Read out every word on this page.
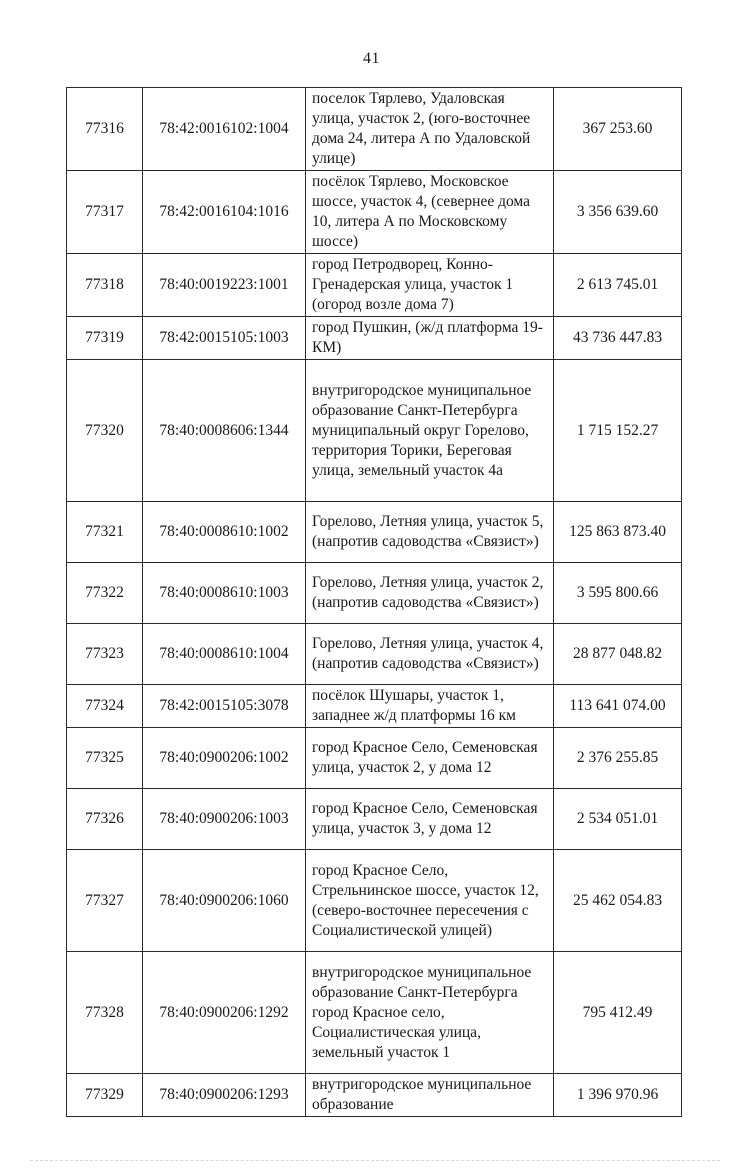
41
77316	78:42:0016102:1004	поселок Тярлево, Удаловская улица, участок 2, (юго-восточнее дома 24, литера А по Удаловской улице)	367 253.60
77317	78:42:0016104:1016	посёлок Тярлево, Московское шоссе, участок 4, (севернее дома 10, литера А по Московскому шоссе)	3 356 639.60
77318	78:40:0019223:1001	город Петродворец, Конно-Гренадерская улица, участок 1 (огород возле дома 7)	2 613 745.01
77319	78:42:0015105:1003	город Пушкин, (ж/д платформа 19-КМ)	43 736 447.83
77320	78:40:0008606:1344	внутригородское муниципальное образование Санкт-Петербурга муниципальный округ Горелово, территория Торики, Береговая улица, земельный участок 4а	1 715 152.27
77321	78:40:0008610:1002	Горелово, Летняя улица, участок 5, (напротив садоводства «Связист»)	125 863 873.40
77322	78:40:0008610:1003	Горелово, Летняя улица, участок 2, (напротив садоводства «Связист»)	3 595 800.66
77323	78:40:0008610:1004	Горелово, Летняя улица, участок 4, (напротив садоводства «Связист»)	28 877 048.82
77324	78:42:0015105:3078	посёлок Шушары, участок 1, западнее ж/д платформы 16 км	113 641 074.00
77325	78:40:0900206:1002	город Красное Село, Семеновская улица, участок 2, у дома 12	2 376 255.85
77326	78:40:0900206:1003	город Красное Село, Семеновская улица, участок 3, у дома 12	2 534 051.01
77327	78:40:0900206:1060	город Красное Село, Стрельнинское шоссе, участок 12, (северо-восточнее пересечения с Социалистической улицей)	25 462 054.83
77328	78:40:0900206:1292	внутригородское муниципальное образование Санкт-Петербурга город Красное село, Социалистическая улица, земельный участок 1	795 412.49
77329	78:40:0900206:1293	внутригородское муниципальное образование	1 396 970.96
